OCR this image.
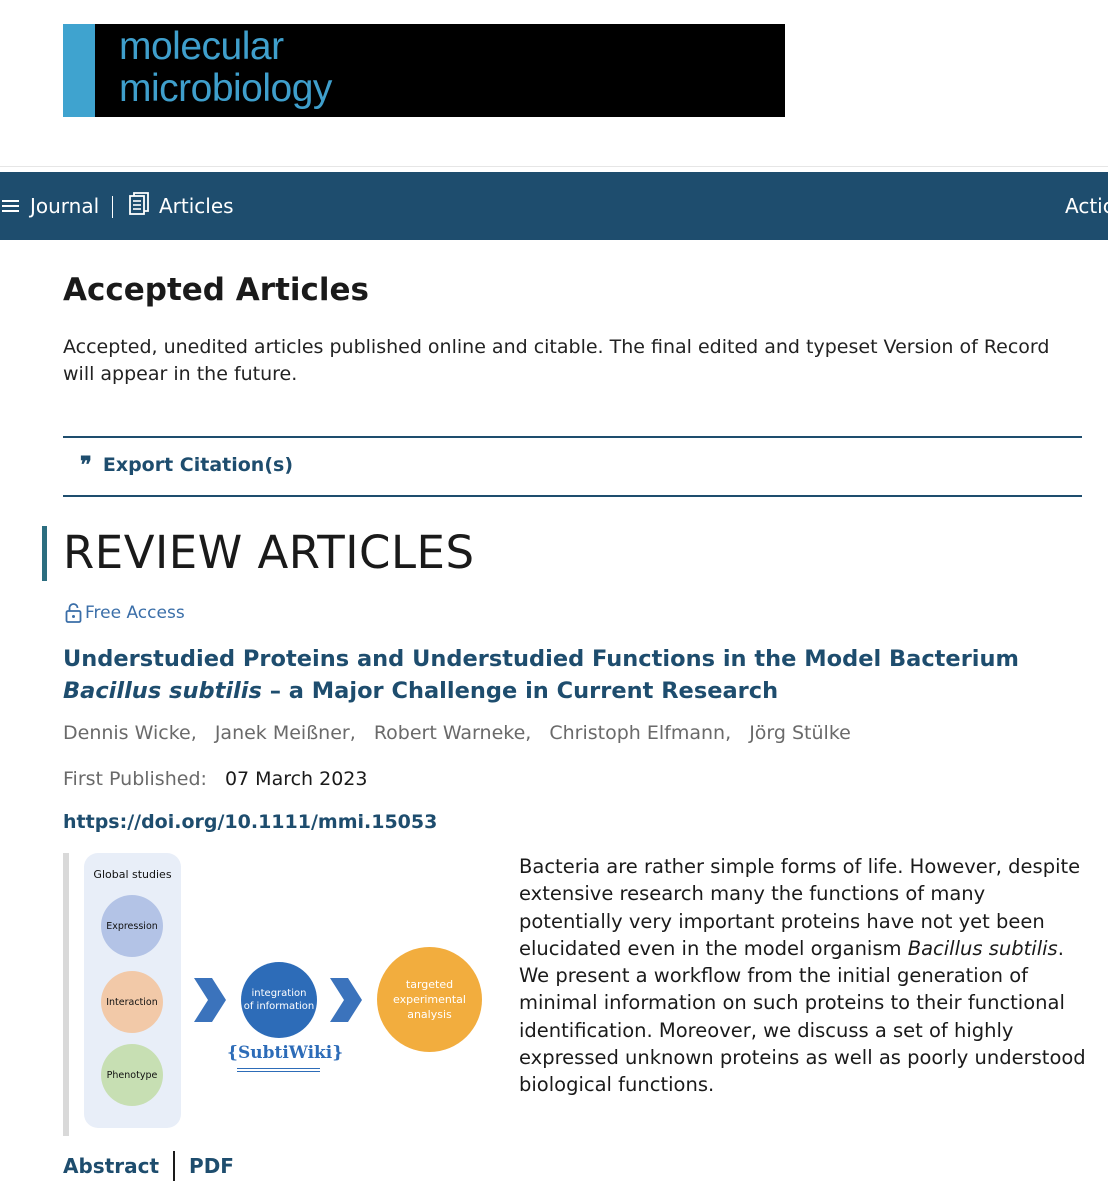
molecular
microbiology
Journal	Articles	Actic
Accepted Articles

Accepted, unedited articles published online and citable. The final edited and typeset Version of Record will appear in the future.

❞ Export Citation(s)
REVIEW ARTICLES
Free Access
Understudied Proteins and Understudied Functions in the Model Bacterium Bacillus subtilis – a Major Challenge in Current Research
Dennis Wicke, Janek Meißner, Robert Warneke, Christoph Elfmann, Jörg Stülke
First Published: 07 March 2023
https://doi.org/10.1111/mmi.15053
Global studies
Expression
Interaction
Phenotype
integration
of information
targeted
experimental
analysis
{SubtiWiki}
Bacteria are rather simple forms of life. However, despite extensive research many the functions of many potentially very important proteins have not yet been elucidated even in the model organism Bacillus subtilis. We present a workflow from the initial generation of minimal information on such proteins to their functional identification. Moreover, we discuss a set of highly expressed unknown proteins as well as poorly understood biological functions.
Abstract PDF
